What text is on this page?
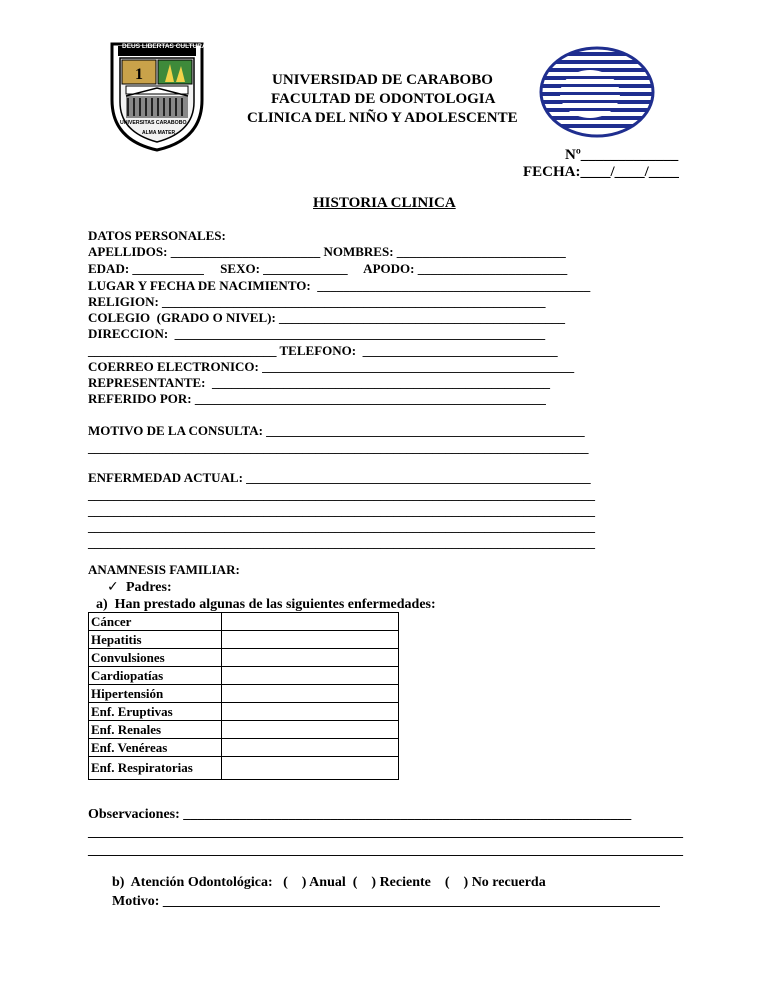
1
DEUS LIBERTAS CULTURA
UNIVERSITAS CARABOBO
ALMA MATER
UNIVERSIDAD DE CARABOBO
FACULTAD DE ODONTOLOGIA
CLINICA DEL NIÑO Y ADOLESCENTE
Nº_____________
FECHA:____/____/____
HISTORIA CLINICA
DATOS PERSONALES:
APELLIDOS: _______________________ NOMBRES: __________________________
EDAD: ___________     SEXO: _____________     APODO: _______________________
LUGAR Y FECHA DE NACIMIENTO:  __________________________________________
RELIGION: ___________________________________________________________
COLEGIO  (GRADO O NIVEL): ____________________________________________
DIRECCION:  _________________________________________________________
_____________________________ TELEFONO:  ______________________________
COERREO ELECTRONICO: ________________________________________________
REPRESENTANTE:  ____________________________________________________
REFERIDO POR: ______________________________________________________
MOTIVO DE LA CONSULTA: _________________________________________________
_____________________________________________________________________________
ENFERMEDAD ACTUAL: _____________________________________________________
______________________________________________________________________________
______________________________________________________________________________
______________________________________________________________________________
______________________________________________________________________________
ANAMNESIS FAMILIAR:
✓ Padres:
a)  Han prestado algunas de las siguientes enfermedades:
Cáncer	
Hepatitis	
Convulsiones	
Cardiopatías	
Hipertensión	
Enf. Eruptivas	
Enf. Renales	
Enf. Venéreas	
Enf. Respiratorias	
Observaciones: ________________________________________________________________
_____________________________________________________________________________________
_____________________________________________________________________________________
b)  Atención Odontológica:   (    ) Anual  (    ) Reciente    (    ) No recuerda
Motivo: _______________________________________________________________________
